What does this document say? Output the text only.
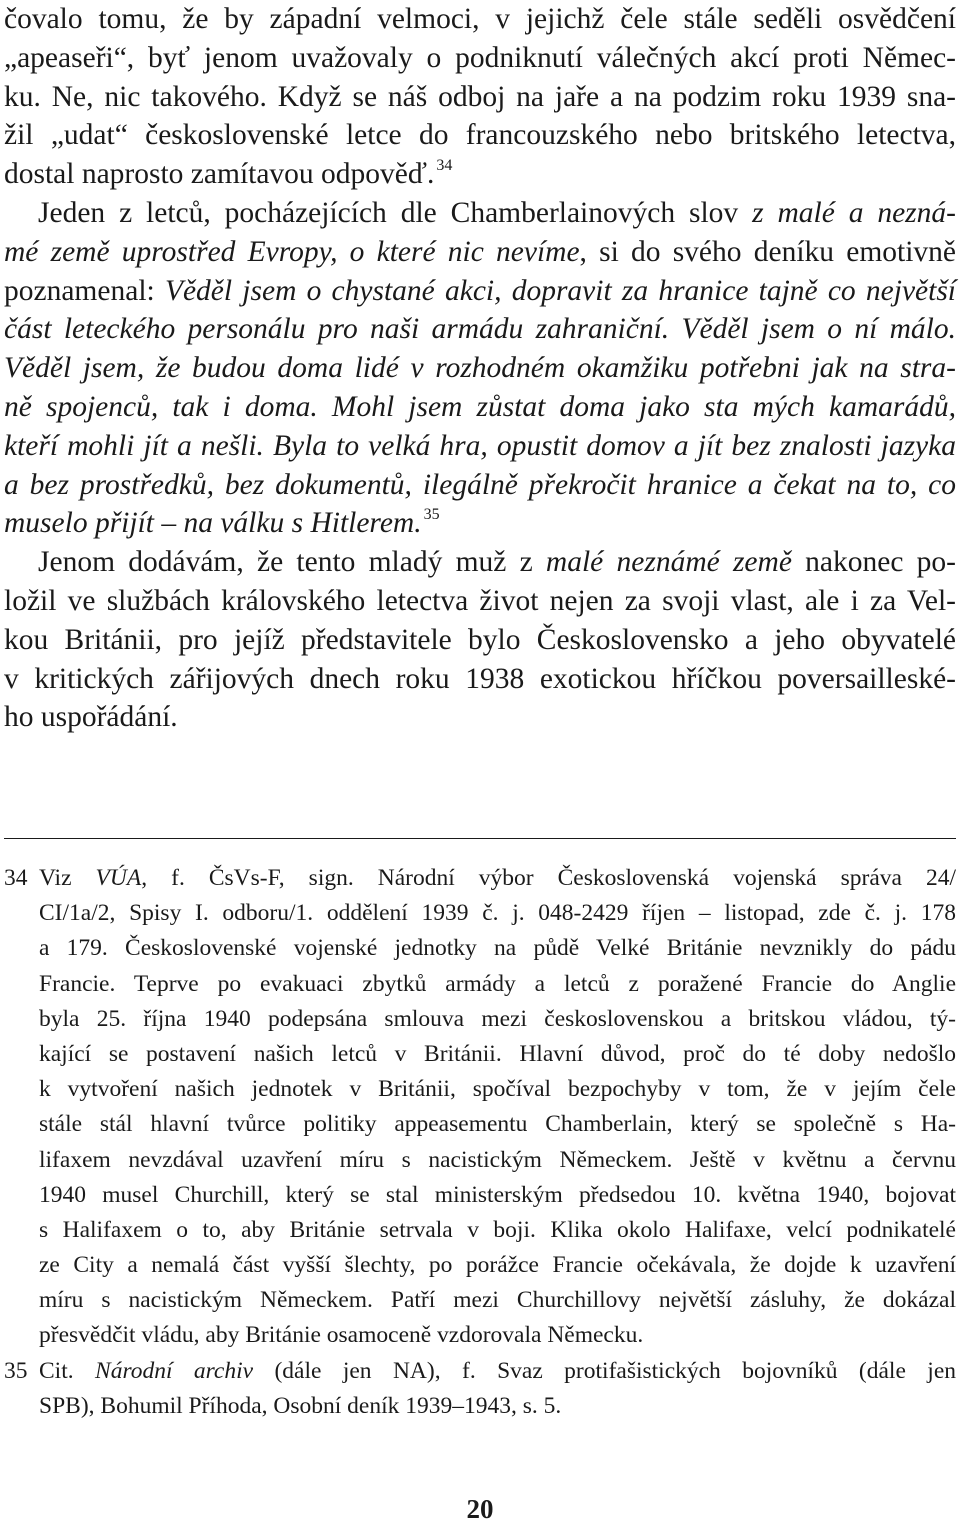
čovalo tomu, že by západní velmoci, v jejichž čele stále seděli osvědčení
„apeaseři“, byť jenom uvažovaly o podniknutí válečných akcí proti Němec-
ku. Ne, nic takového. Když se náš odboj na jaře a na podzim roku 1939 sna-
žil „udat“ československé letce do francouzského nebo britského letectva,
dostal naprosto zamítavou odpověď. $^{34}$
Jeden z letců, pocházejících dle Chamberlainových slov z malé a nezná-
mé země uprostřed Evropy, o které nic nevíme, si do svého deníku emotivně
poznamenal: Věděl jsem o chystané akci, dopravit za hranice tajně co největší
část leteckého personálu pro naši armádu zahraniční. Věděl jsem o ní málo.
Věděl jsem, že budou doma lidé v rozhodném okamžiku potřebni jak na stra-
ně spojenců, tak i doma. Mohl jsem zůstat doma jako sta mých kamarádů,
kteří mohli jít a nešli. Byla to velká hra, opustit domov a jít bez znalosti jazyka
a bez prostředků, bez dokumentů, ilegálně překročit hranice a čekat na to, co
muselo přijít – na válku s Hitlerem. $^{35}$
Jenom dodávám, že tento mladý muž z malé neznámé země nakonec po-
ložil ve službách královského letectva život nejen za svoji vlast, ale i za Vel-
kou Británii, pro jejíž představitele bylo Československo a jeho obyvatelé
v kritických zářijových dnech roku 1938 exotickou hříčkou poversailleské-
ho uspořádání.
34 Viz VÚA, f. ČsVs-F, sign. Národní výbor Československá vojenská správa 24/
CI/1a/2, Spisy I. odboru/1. oddělení 1939 č. j. 048-2429 říjen – listopad, zde č. j. 178
a 179. Československé vojenské jednotky na půdě Velké Británie nevznikly do pádu
Francie. Teprve po evakuaci zbytků armády a letců z poražené Francie do Anglie
byla 25. října 1940 podepsána smlouva mezi československou a britskou vládou, tý-
kající se postavení našich letců v Británii. Hlavní důvod, proč do té doby nedošlo
k vytvoření našich jednotek v Británii, spočíval bezpochyby v tom, že v jejím čele
stále stál hlavní tvůrce politiky appeasementu Chamberlain, který se společně s Ha-
lifaxem nevzdával uzavření míru s nacistickým Německem. Ještě v květnu a červnu
1940 musel Churchill, který se stal ministerským předsedou 10. května 1940, bojovat
s Halifaxem o to, aby Británie setrvala v boji. Klika okolo Halifaxe, velcí podnikatelé
ze City a nemalá část vyšší šlechty, po porážce Francie očekávala, že dojde k uzavření
míru s nacistickým Německem. Patří mezi Churchillovy největší zásluhy, že dokázal
přesvědčit vládu, aby Británie osamoceně vzdorovala Německu.
35 Cit. Národní archiv (dále jen NA), f. Svaz protifašistických bojovníků (dále jen
SPB), Bohumil Příhoda, Osobní deník 1939–1943, s. 5.
20
